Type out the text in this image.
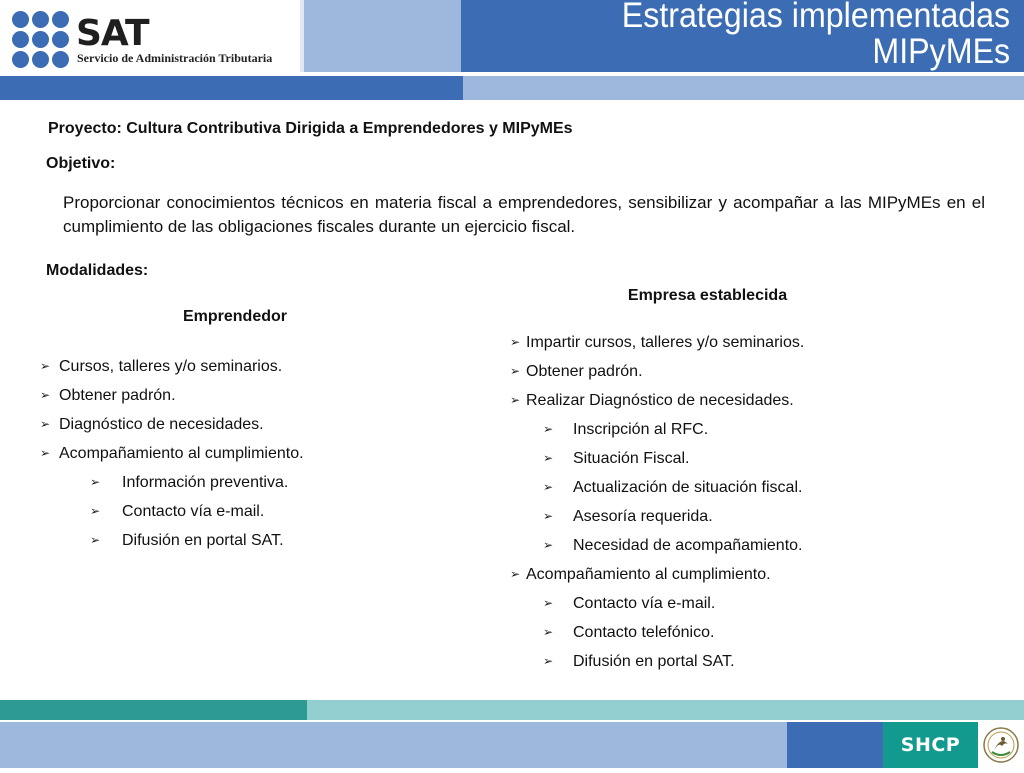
SAT
Servicio de Administración Tributaria
Estrategias implementadas
MIPyMEs
Proyecto: Cultura Contributiva Dirigida a Emprendedores y MIPyMEs
Objetivo:
Proporcionar conocimientos técnicos en materia fiscal a emprendedores, sensibilizar y acompañar a las MIPyMEs en el cumplimiento de las obligaciones fiscales durante un ejercicio fiscal.
Modalidades:
Emprendedor
Empresa establecida
➢ Cursos, talleres y/o seminarios.
➢ Obtener padrón.
➢ Diagnóstico de necesidades.
➢ Acompañamiento al cumplimiento.
➢ Información preventiva.
➢ Contacto vía e-mail.
➢ Difusión en portal SAT.
➢ Impartir cursos, talleres y/o seminarios.
➢ Obtener padrón.
➢ Realizar Diagnóstico de necesidades.
➢ Inscripción al RFC.
➢ Situación Fiscal.
➢ Actualización de situación fiscal.
➢ Asesoría requerida.
➢ Necesidad de acompañamiento.
➢ Acompañamiento al cumplimiento.
➢ Contacto vía e-mail.
➢ Contacto telefónico.
➢ Difusión en portal SAT.
SHCP
